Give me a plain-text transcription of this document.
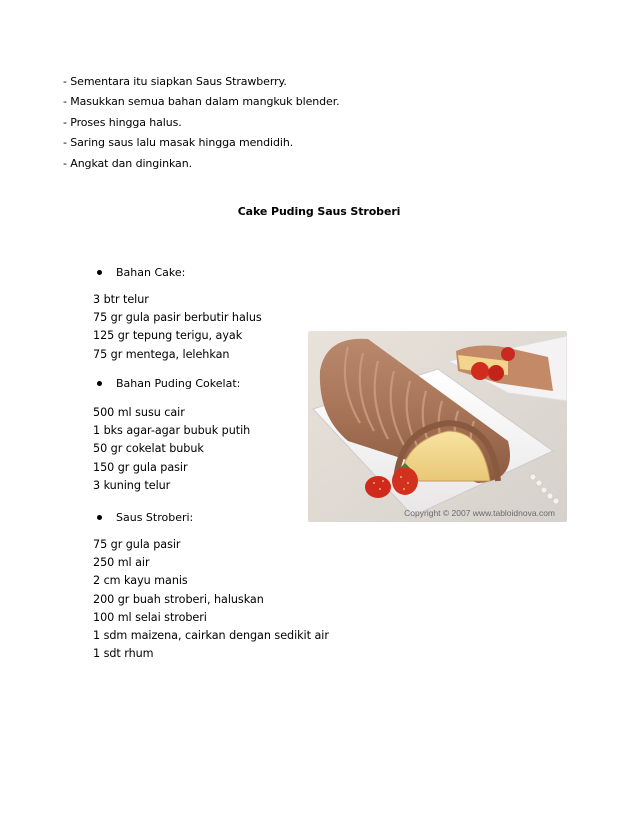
- Sementara itu siapkan Saus Strawberry.
- Masukkan semua bahan dalam mangkuk blender.
- Proses hingga halus.
- Saring saus lalu masak hingga mendidih.
- Angkat dan dinginkan.
Cake Puding Saus Stroberi
Bahan Cake:
3 btr telur
75 gr gula pasir berbutir halus
125 gr tepung terigu, ayak
75 gr mentega, lelehkan
Bahan Puding Cokelat:
500 ml susu cair
1 bks agar-agar bubuk putih
50 gr cokelat bubuk
150 gr gula pasir
3 kuning telur
Saus Stroberi:
75 gr gula pasir
250 ml air
2 cm kayu manis
200 gr buah stroberi, haluskan
100 ml selai stroberi
1 sdm maizena, cairkan dengan sedikit air
1 sdt rhum
Copyright © 2007 www.tabloidnova.com
